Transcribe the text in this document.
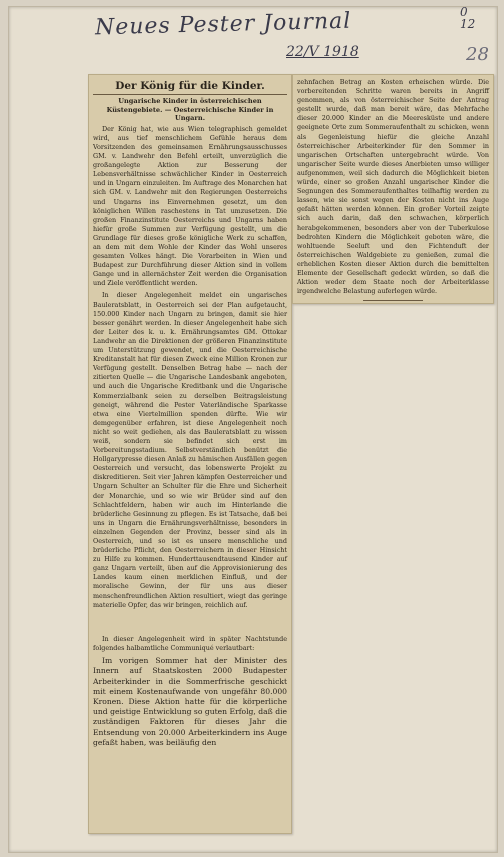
Neues Pester Journal
22/V 1918
0
12
28
Der König für die Kinder.
Ungarische Kinder in österreichischen Küstengebiete. — Oesterreichische Kinder in Ungarn.
Der König hat, wie aus Wien telegraphisch gemeldet wird, aus tief menschlichem Gefühle heraus dem Vorsitzenden des gemeinsamen Ernährungsausschusses GM. v. Landwehr den Befehl erteilt, unverzüglich die großangelegte Aktion zur Besserung der Lebensverhältnisse schwächlicher Kinder in Oesterreich und in Ungarn einzuleiten. Im Auftrage des Monarchen hat sich GM. v. Landwehr mit den Regierungen Oesterreichs und Ungarns ins Einvernehmen gesetzt, um den königlichen Willen raschestens in Tat umzusetzen. Die großen Finanzinstitute Oesterreichs und Ungarns haben hiefür große Summen zur Verfügung gestellt, um die Grundlage für dieses große königliche Werk zu schaffen, an dem mit dem Wohle der Kinder das Wohl unseres gesamten Volkes hängt. Die Vorarbeiten in Wien und Budapest zur Durchführung dieser Aktion sind in vollem Gange und in allernächster Zeit werden die Organisation und Ziele veröffentlicht werden.
In dieser Angelegenheit meldet ein ungarisches Bauleratsblatt, in Oesterreich sei der Plan aufgetaucht, 150.000 Kinder nach Ungarn zu bringen, damit sie hier besser genährt werden. In dieser Angelegenheit habe sich der Leiter des k. u. k. Ernährungsamtes GM. Ottokar Landwehr an die Direktionen der größeren Finanzinstitute um Unterstützung gewendet, und die Oesterreichische Kreditanstalt hat für diesen Zweck eine Million Kronen zur Verfügung gestellt. Denselben Betrag habe — nach der zitierten Quelle — die Ungarische Landesbank angeboten, und auch die Ungarische Kreditbank und die Ungarische Kommerzialbank seien zu derselben Beitragsleistung geneigt, während die Pester Vaterländische Sparkasse etwa eine Viertelmillion spenden dürfte. Wie wir demgegenüber erfahren, ist diese Angelegenheit noch nicht so weit gediehen, als das Bauleratsblatt zu wissen weiß, sondern sie befindet sich erst im Vorbereitungsstadium. Selbstverständlich benützt die Hollgarypresse diesen Anlaß zu hämischen Ausfällen gegen Oesterreich und versucht, das lobenswerte Projekt zu diskreditieren. Seit vier Jahren kämpfen Oesterreicher und Ungarn Schulter an Schulter für die Ehre und Sicherheit der Monarchie, und so wie wir Brüder sind auf den Schlachtfeldern, haben wir auch im Hinterlande die brüderliche Gesinnung zu pflegen. Es ist Tatsache, daß bei uns in Ungarn die Ernährungsverhältnisse, besonders in einzelnen Gegenden der Provinz, besser sind als in Oesterreich, und so ist es unsere menschliche und brüderliche Pflicht, den Oesterreichern in dieser Hinsicht zu Hilfe zu kommen. Hunderttausendtausend Kinder auf ganz Ungarn verteilt, üben auf die Approvisionierung des Landes kaum einen merklichen Einfluß, und der moralische Gewinn, der für uns aus dieser menschenfreundlichen Aktion resultiert, wiegt das geringe materielle Opfer, das wir bringen, reichlich auf.
In dieser Angelegenheit wird in später Nachtstunde folgendes halbamtliche Communiqué verlautbart:
Im vorigen Sommer hat der Minister des Innern auf Staatskosten 2000 Budapester Arbeiterkinder in die Sommerfrische geschickt mit einem Kostenaufwande von ungefähr 80.000 Kronen. Diese Aktion hatte für die körperliche und geistige Entwicklung so guten Erfolg, daß die zuständigen Faktoren für dieses Jahr die Entsendung von 20.000 Arbeiterkindern ins Auge gefaßt haben, was beiläufig den
zehnfachen Betrag an Kosten erheischen würde. Die vorbereitenden Schritte waren bereits in Angriff genommen, als von österreichischer Seite der Antrag gestellt wurde, daß man bereit wäre, das Mehrfache dieser 20.000 Kinder an die Meeresküste und andere geeignete Orte zum Sommeraufenthalt zu schicken, wenn als Gegenleistung hiefür die gleiche Anzahl österreichischer Arbeiterkinder für den Sommer in ungarischen Ortschaften untergebracht würde. Von ungarischer Seite wurde dieses Anerbieten umso williger aufgenommen, weil sich dadurch die Möglichkeit bieten würde, einer so großen Anzahl ungarischer Kinder die Segnungen des Sommeraufenthaltes teilhaftig werden zu lassen, wie sie sonst wegen der Kosten nicht ins Auge gefaßt hätten werden können. Ein großer Vorteil zeigte sich auch darin, daß den schwachen, körperlich herabgekommenen, besonders aber von der Tuberkulose bedrohten Kindern die Möglichkeit geboten wäre, die wohltuende Seeluft und den Fichtenduft der österreichischen Waldgebiete zu genießen, zumal die erheblichen Kosten dieser Aktion durch die bemittelten Elemente der Gesellschaft gedeckt würden, so daß die Aktion weder dem Staate noch der Arbeiterklasse irgendwelche Belastung auferlegen würde.
